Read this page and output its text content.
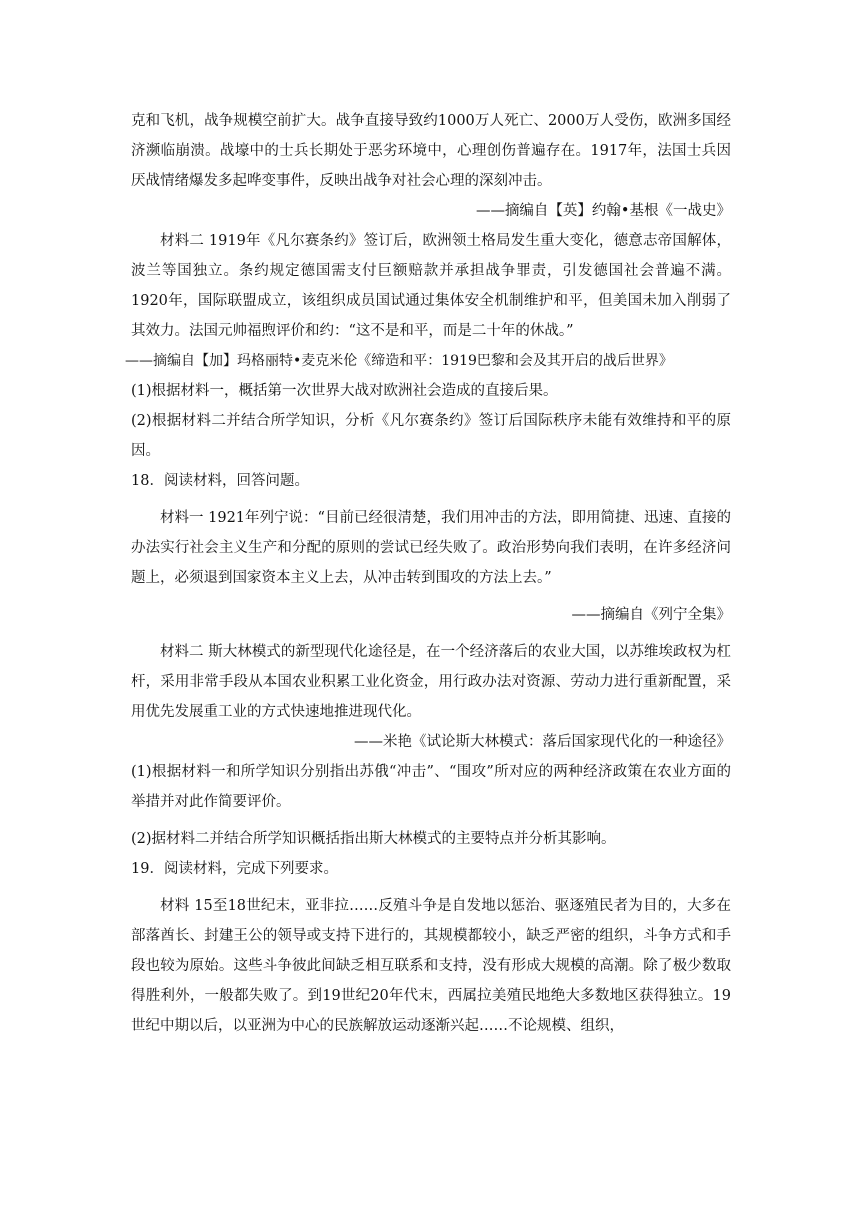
克和飞机，战争规模空前扩大。战争直接导致约1000万人死亡、2000万人受伤，欧洲多国经济濒临崩溃。战壕中的士兵长期处于恶劣环境中，心理创伤普遍存在。1917年，法国士兵因厌战情绪爆发多起哗变事件，反映出战争对社会心理的深刻冲击。

——摘编自【英】约翰•基根《一战史》

材料二 1919年《凡尔赛条约》签订后，欧洲领土格局发生重大变化，德意志帝国解体，波兰等国独立。条约规定德国需支付巨额赔款并承担战争罪责，引发德国社会普遍不满。1920年，国际联盟成立，该组织成员国试通过集体安全机制维护和平，但美国未加入削弱了其效力。法国元帅福煦评价和约：“这不是和平，而是二十年的休战。”

——摘编自【加】玛格丽特•麦克米伦《缔造和平：1919巴黎和会及其开启的战后世界》

(1)根据材料一，概括第一次世界大战对欧洲社会造成的直接后果。

(2)根据材料二并结合所学知识，分析《凡尔赛条约》签订后国际秩序未能有效维持和平的原因。

18．阅读材料，回答问题。

材料一 1921年列宁说：“目前已经很清楚，我们用冲击的方法，即用简捷、迅速、直接的办法实行社会主义生产和分配的原则的尝试已经失败了。政治形势向我们表明，在许多经济问题上，必须退到国家资本主义上去，从冲击转到围攻的方法上去。”

——摘编自《列宁全集》

材料二 斯大林模式的新型现代化途径是，在一个经济落后的农业大国，以苏维埃政权为杠杆，采用非常手段从本国农业积累工业化资金，用行政办法对资源、劳动力进行重新配置，采用优先发展重工业的方式快速地推进现代化。

——米艳《试论斯大林模式：落后国家现代化的一种途径》

(1)根据材料一和所学知识分别指出苏俄“冲击”、“围攻”所对应的两种经济政策在农业方面的举措并对此作简要评价。

(2)据材料二并结合所学知识概括指出斯大林模式的主要特点并分析其影响。

19．阅读材料，完成下列要求。

材料 15至18世纪末，亚非拉……反殖斗争是自发地以惩治、驱逐殖民者为目的，大多在部落酋长、封建王公的领导或支持下进行的，其规模都较小，缺乏严密的组织，斗争方式和手段也较为原始。这些斗争彼此间缺乏相互联系和支持，没有形成大规模的高潮。除了极少数取得胜利外，一般都失败了。到19世纪20年代末，西属拉美殖民地绝大多数地区获得独立。19世纪中期以后，以亚洲为中心的民族解放运动逐渐兴起……不论规模、组织，
